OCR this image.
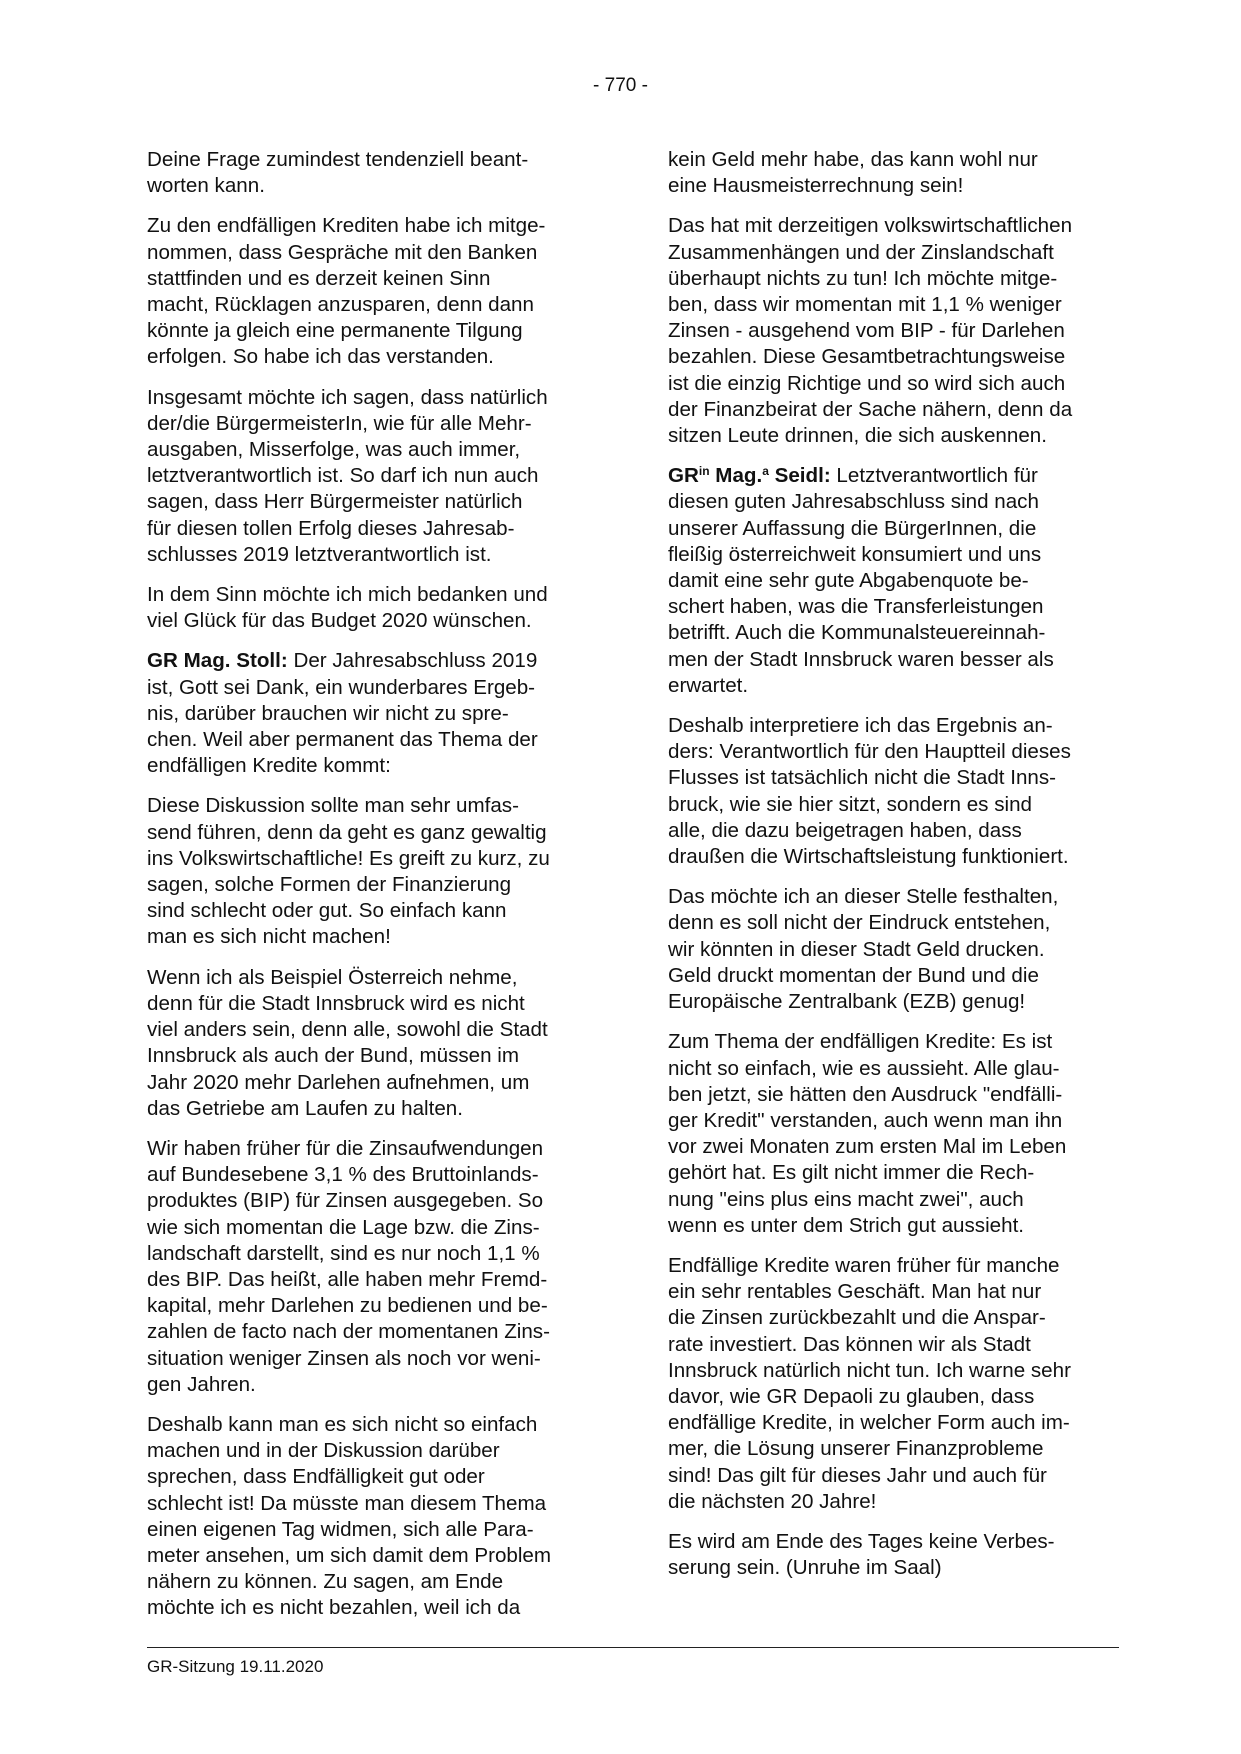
- 770 -

Deine Frage zumindest tendenziell beant-
worten kann.

Zu den endfälligen Krediten habe ich mitge-
nommen, dass Gespräche mit den Banken
stattfinden und es derzeit keinen Sinn
macht, Rücklagen anzusparen, denn dann
könnte ja gleich eine permanente Tilgung
erfolgen. So habe ich das verstanden.

Insgesamt möchte ich sagen, dass natürlich
der/die BürgermeisterIn, wie für alle Mehr-
ausgaben, Misserfolge, was auch immer,
letztverantwortlich ist. So darf ich nun auch
sagen, dass Herr Bürgermeister natürlich
für diesen tollen Erfolg dieses Jahresab-
schlusses 2019 letztverantwortlich ist.

In dem Sinn möchte ich mich bedanken und
viel Glück für das Budget 2020 wünschen.

GR Mag. Stoll: Der Jahresabschluss 2019
ist, Gott sei Dank, ein wunderbares Ergeb-
nis, darüber brauchen wir nicht zu spre-
chen. Weil aber permanent das Thema der
endfälligen Kredite kommt:

Diese Diskussion sollte man sehr umfas-
send führen, denn da geht es ganz gewaltig
ins Volkswirtschaftliche! Es greift zu kurz, zu
sagen, solche Formen der Finanzierung
sind schlecht oder gut. So einfach kann
man es sich nicht machen!

Wenn ich als Beispiel Österreich nehme,
denn für die Stadt Innsbruck wird es nicht
viel anders sein, denn alle, sowohl die Stadt
Innsbruck als auch der Bund, müssen im
Jahr 2020 mehr Darlehen aufnehmen, um
das Getriebe am Laufen zu halten.

Wir haben früher für die Zinsaufwendungen
auf Bundesebene 3,1 % des Bruttoinlands-
produktes (BIP) für Zinsen ausgegeben. So
wie sich momentan die Lage bzw. die Zins-
landschaft darstellt, sind es nur noch 1,1 %
des BIP. Das heißt, alle haben mehr Fremd-
kapital, mehr Darlehen zu bedienen und be-
zahlen de facto nach der momentanen Zins-
situation weniger Zinsen als noch vor weni-
gen Jahren.

Deshalb kann man es sich nicht so einfach
machen und in der Diskussion darüber
sprechen, dass Endfälligkeit gut oder
schlecht ist! Da müsste man diesem Thema
einen eigenen Tag widmen, sich alle Para-
meter ansehen, um sich damit dem Problem
nähern zu können. Zu sagen, am Ende
möchte ich es nicht bezahlen, weil ich da

kein Geld mehr habe, das kann wohl nur
eine Hausmeisterrechnung sein!

Das hat mit derzeitigen volkswirtschaftlichen
Zusammenhängen und der Zinslandschaft
überhaupt nichts zu tun! Ich möchte mitge-
ben, dass wir momentan mit 1,1 % weniger
Zinsen - ausgehend vom BIP - für Darlehen
bezahlen. Diese Gesamtbetrachtungsweise
ist die einzig Richtige und so wird sich auch
der Finanzbeirat der Sache nähern, denn da
sitzen Leute drinnen, die sich auskennen.

$GR^{in}$ Mag.$^a$ Seidl: Letztverantwortlich für
diesen guten Jahresabschluss sind nach
unserer Auffassung die BürgerInnen, die
fleißig österreichweit konsumiert und uns
damit eine sehr gute Abgabenquote be-
schert haben, was die Transferleistungen
betrifft. Auch die Kommunalsteuereinnah-
men der Stadt Innsbruck waren besser als
erwartet.

Deshalb interpretiere ich das Ergebnis an-
ders: Verantwortlich für den Hauptteil dieses
Flusses ist tatsächlich nicht die Stadt Inns-
bruck, wie sie hier sitzt, sondern es sind
alle, die dazu beigetragen haben, dass
draußen die Wirtschaftsleistung funktioniert.

Das möchte ich an dieser Stelle festhalten,
denn es soll nicht der Eindruck entstehen,
wir könnten in dieser Stadt Geld drucken.
Geld druckt momentan der Bund und die
Europäische Zentralbank (EZB) genug!

Zum Thema der endfälligen Kredite: Es ist
nicht so einfach, wie es aussieht. Alle glau-
ben jetzt, sie hätten den Ausdruck "endfälli-
ger Kredit" verstanden, auch wenn man ihn
vor zwei Monaten zum ersten Mal im Leben
gehört hat. Es gilt nicht immer die Rech-
nung "eins plus eins macht zwei", auch
wenn es unter dem Strich gut aussieht.

Endfällige Kredite waren früher für manche
ein sehr rentables Geschäft. Man hat nur
die Zinsen zurückbezahlt und die Anspar-
rate investiert. Das können wir als Stadt
Innsbruck natürlich nicht tun. Ich warne sehr
davor, wie GR Depaoli zu glauben, dass
endfällige Kredite, in welcher Form auch im-
mer, die Lösung unserer Finanzprobleme
sind! Das gilt für dieses Jahr und auch für
die nächsten 20 Jahre!

Es wird am Ende des Tages keine Verbes-
serung sein. (Unruhe im Saal)

GR-Sitzung 19.11.2020
